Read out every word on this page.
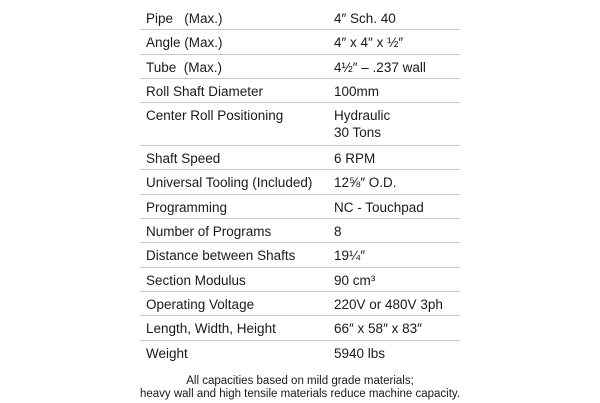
Pipe   (Max.)	4″ Sch. 40
Angle (Max.)	4″ x 4″ x ½″
Tube  (Max.)	4½″ – .237 wall
Roll Shaft Diameter	100mm
Center Roll Positioning	Hydraulic
30 Tons
Shaft Speed	6 RPM
Universal Tooling (Included)	12⅝″ O.D.
Programming	NC - Touchpad
Number of Programs	8
Distance between Shafts	19¼″
Section Modulus	90 cm³
Operating Voltage	220V or 480V 3ph
Length, Width, Height	66″ x 58″ x 83″
Weight	5940 lbs
All capacities based on mild grade materials;
heavy wall and high tensile materials reduce machine capacity.
